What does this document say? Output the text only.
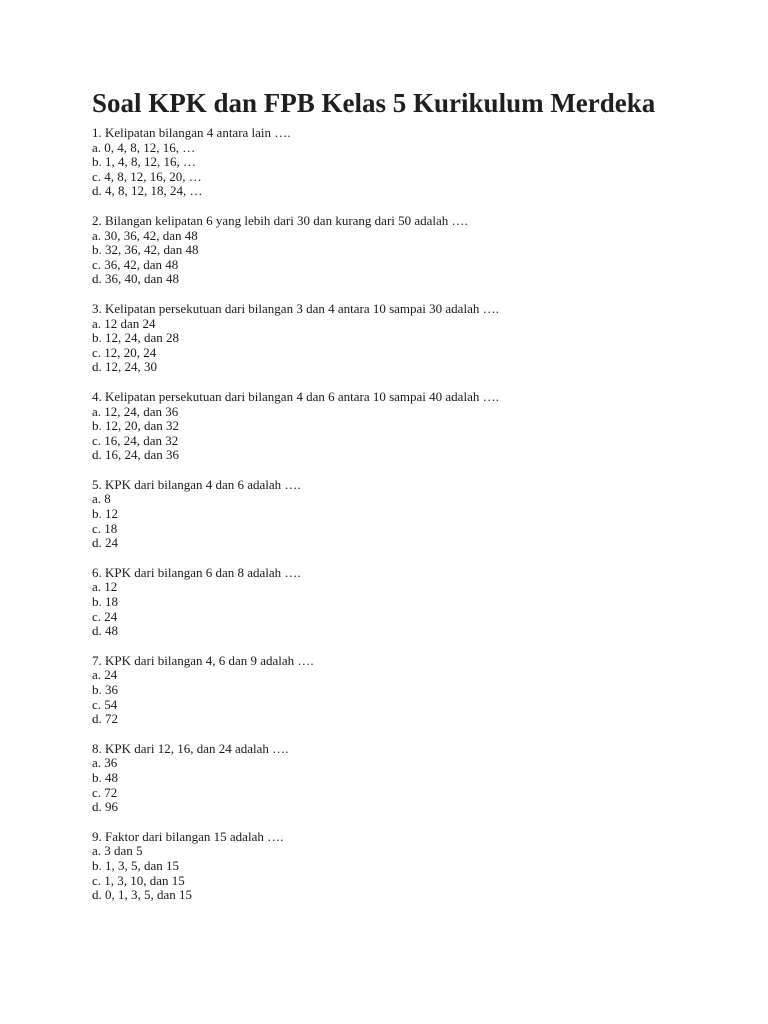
Soal KPK dan FPB Kelas 5 Kurikulum Merdeka
1. Kelipatan bilangan 4 antara lain ….
a. 0, 4, 8, 12, 16, …
b. 1, 4, 8, 12, 16, …
c. 4, 8, 12, 16, 20, …
d. 4, 8, 12, 18, 24, …
2. Bilangan kelipatan 6 yang lebih dari 30 dan kurang dari 50 adalah ….
a. 30, 36, 42, dan 48
b. 32, 36, 42, dan 48
c. 36, 42, dan 48
d. 36, 40, dan 48
3. Kelipatan persekutuan dari bilangan 3 dan 4 antara 10 sampai 30 adalah ….
a. 12 dan 24
b. 12, 24, dan 28
c. 12, 20, 24
d. 12, 24, 30
4. Kelipatan persekutuan dari bilangan 4 dan 6 antara 10 sampai 40 adalah ….
a. 12, 24, dan 36
b. 12, 20, dan 32
c. 16, 24, dan 32
d. 16, 24, dan 36
5. KPK dari bilangan 4 dan 6 adalah ….
a. 8
b. 12
c. 18
d. 24
6. KPK dari bilangan 6 dan 8 adalah ….
a. 12
b. 18
c. 24
d. 48
7. KPK dari bilangan 4, 6 dan 9 adalah ….
a. 24
b. 36
c. 54
d. 72
8. KPK dari 12, 16, dan 24 adalah ….
a. 36
b. 48
c. 72
d. 96
9. Faktor dari bilangan 15 adalah ….
a. 3 dan 5
b. 1, 3, 5, dan 15
c. 1, 3, 10, dan 15
d. 0, 1, 3, 5, dan 15
